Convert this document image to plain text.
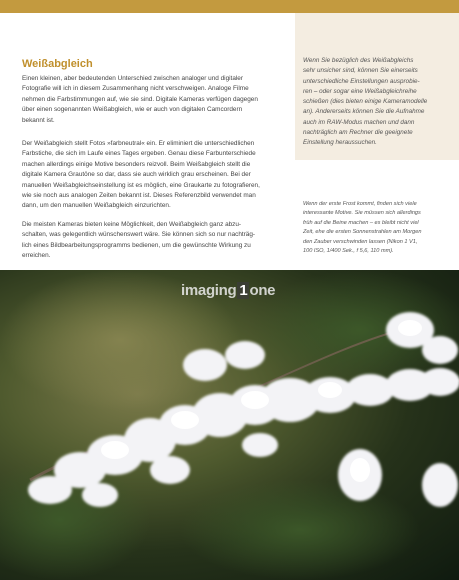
Weißabgleich
Einen kleinen, aber bedeutenden Unterschied zwischen analoger und digitaler
Fotografie will ich in diesem Zusammenhang nicht verschweigen. Analoge Filme
nehmen die Farbstimmungen auf, wie sie sind. Digitale Kameras verfügen dagegen
über einen sogenannten Weißabgleich, wie er auch von digitalen Camcordern
bekannt ist.
Der Weißabgleich stellt Fotos »farbneutral« ein. Er eliminiert die unterschiedlichen
Farbstiche, die sich im Laufe eines Tages ergeben. Genau diese Farbunterschiede
machen allerdings einige Motive besonders reizvoll. Beim Weißabgleich stellt die
digitale Kamera Grautöne so dar, dass sie auch wirklich grau erscheinen. Bei der
manuellen Weißabgleichseinstellung ist es möglich, eine Graukarte zu fotografieren,
wie sie noch aus analogen Zeiten bekannt ist. Dieses Referenzbild verwendet man
dann, um den manuellen Weißabgleich einzurichten.
Die meisten Kameras bieten keine Möglichkeit, den Weißabgleich ganz abzu-
schalten, was gelegentlich wünschenswert wäre. Sie können sich so nur nachträg-
lich eines Bildbearbeitungsprogramms bedienen, um die gewünschte Wirkung zu
erreichen.
Wenn Sie bezüglich des Weißabgleichs
sehr unsicher sind, können Sie einerseits
unterschiedliche Einstellungen ausprobie-
ren – oder sogar eine Weißabgleichreihe
schießen (dies bieten einige Kameramodelle
an). Andererseits können Sie die Aufnahme
auch im RAW-Modus machen und dann
nachträglich am Rechner die geeignete
Einstellung heraussuchen.
Wenn der erste Frost kommt, finden sich viele
interessante Motive. Sie müssen sich allerdings
früh auf die Beine machen – es bleibt nicht viel
Zeit, ehe die ersten Sonnenstrahlen am Morgen
den Zauber verschwinden lassen (Nikon 1 V1,
100 ISO, 1/400 Sek., f 5,6, 110 mm).
imaging 1 one
